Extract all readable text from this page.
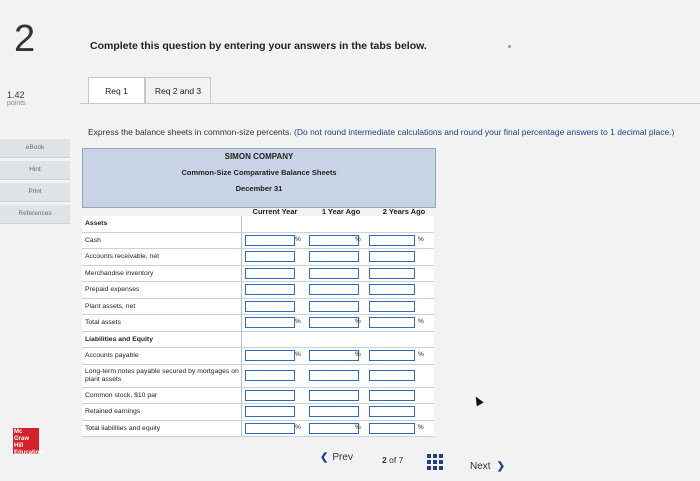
2	Complete this question by entering your answers in the tabs below.
1.42
points
eBook
Hint
Print
References
Req 1	Req 2 and 3
Express the balance sheets in common-size percents. (Do not round intermediate calculations and round your final percentage answers to 1 decimal place.)
SIMON COMPANY
Common-Size Comparative Balance Sheets
December 31
Current Year	1 Year Ago	2 Years Ago
Assets
Cash	%	%	%
Accounts receivable, net
Merchandise inventory
Prepaid expenses
Plant assets, net
Total assets	%	%	%
Liabilities and Equity
Accounts payable	%	%	%
Long-term notes payable secured by mortgages on plant assets
Common stock, $10 par
Retained earnings
Total liabilities and equity	%	%	%
Mc Graw Hill Education	❮ Prev	2 of 7
Next ❯
